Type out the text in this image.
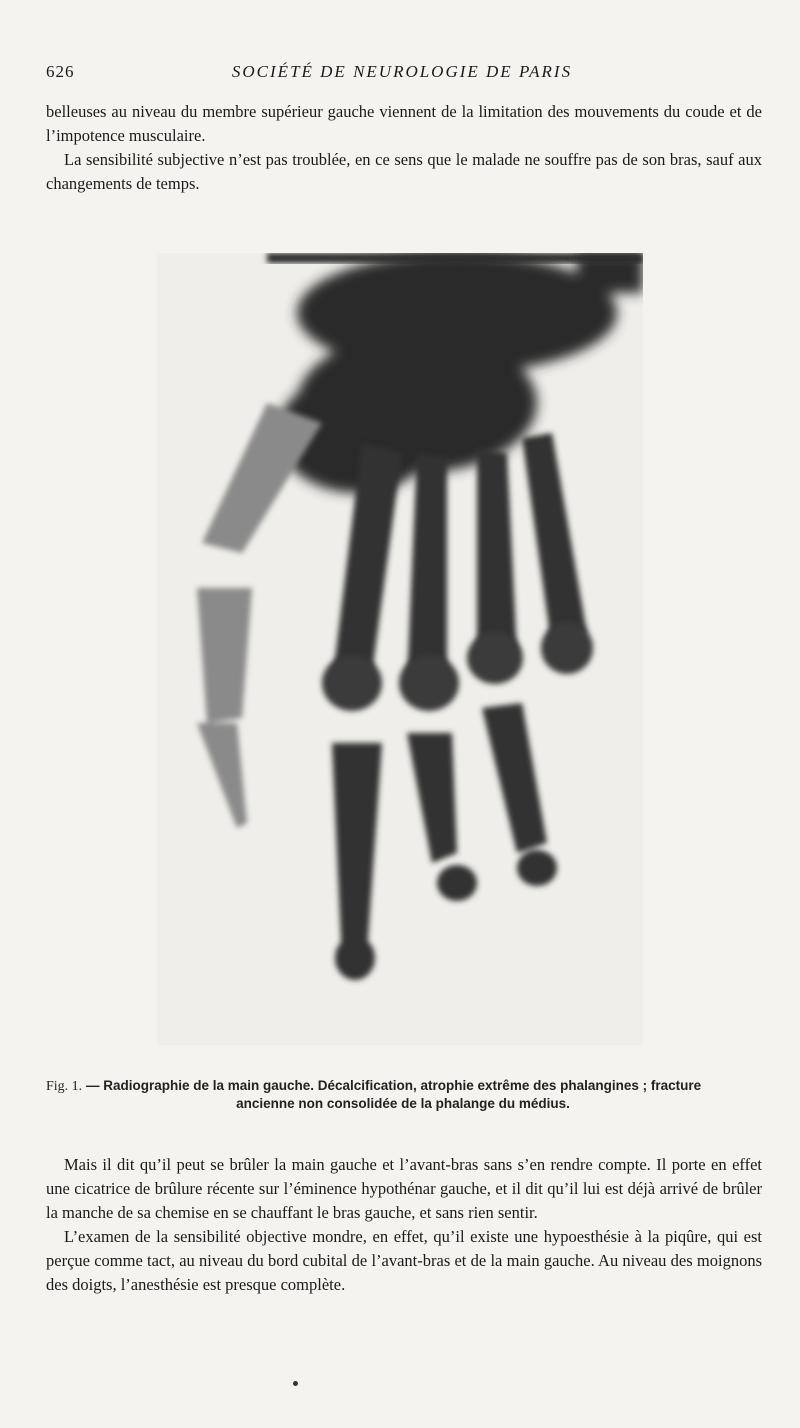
626	SOCIÉTÉ DE NEUROLOGIE DE PARIS

belleuses au niveau du membre supérieur gauche viennent de la limitation des mouvements du coude et de l’impotence musculaire.

La sensibilité subjective n’est pas troublée, en ce sens que le malade ne souffre pas de son bras, sauf aux changements de temps.

Fig. 1. — Radiographie de la main gauche. Décalcification, atrophie extrême des phalangines ; fracture
ancienne non consolidée de la phalange du médius.

Mais il dit qu’il peut se brûler la main gauche et l’avant-bras sans s’en rendre compte. Il porte en effet une cicatrice de brûlure récente sur l’éminence hypothénar gauche, et il dit qu’il lui est déjà arrivé de brûler la manche de sa chemise en se chauffant le bras gauche, et sans rien sentir.

L’examen de la sensibilité objective mondre, en effet, qu’il existe une hypoesthésie à la piqûre, qui est perçue comme tact, au niveau du bord cubital de l’avant-bras et de la main gauche. Au niveau des moignons des doigts, l’anesthésie est presque complète.
